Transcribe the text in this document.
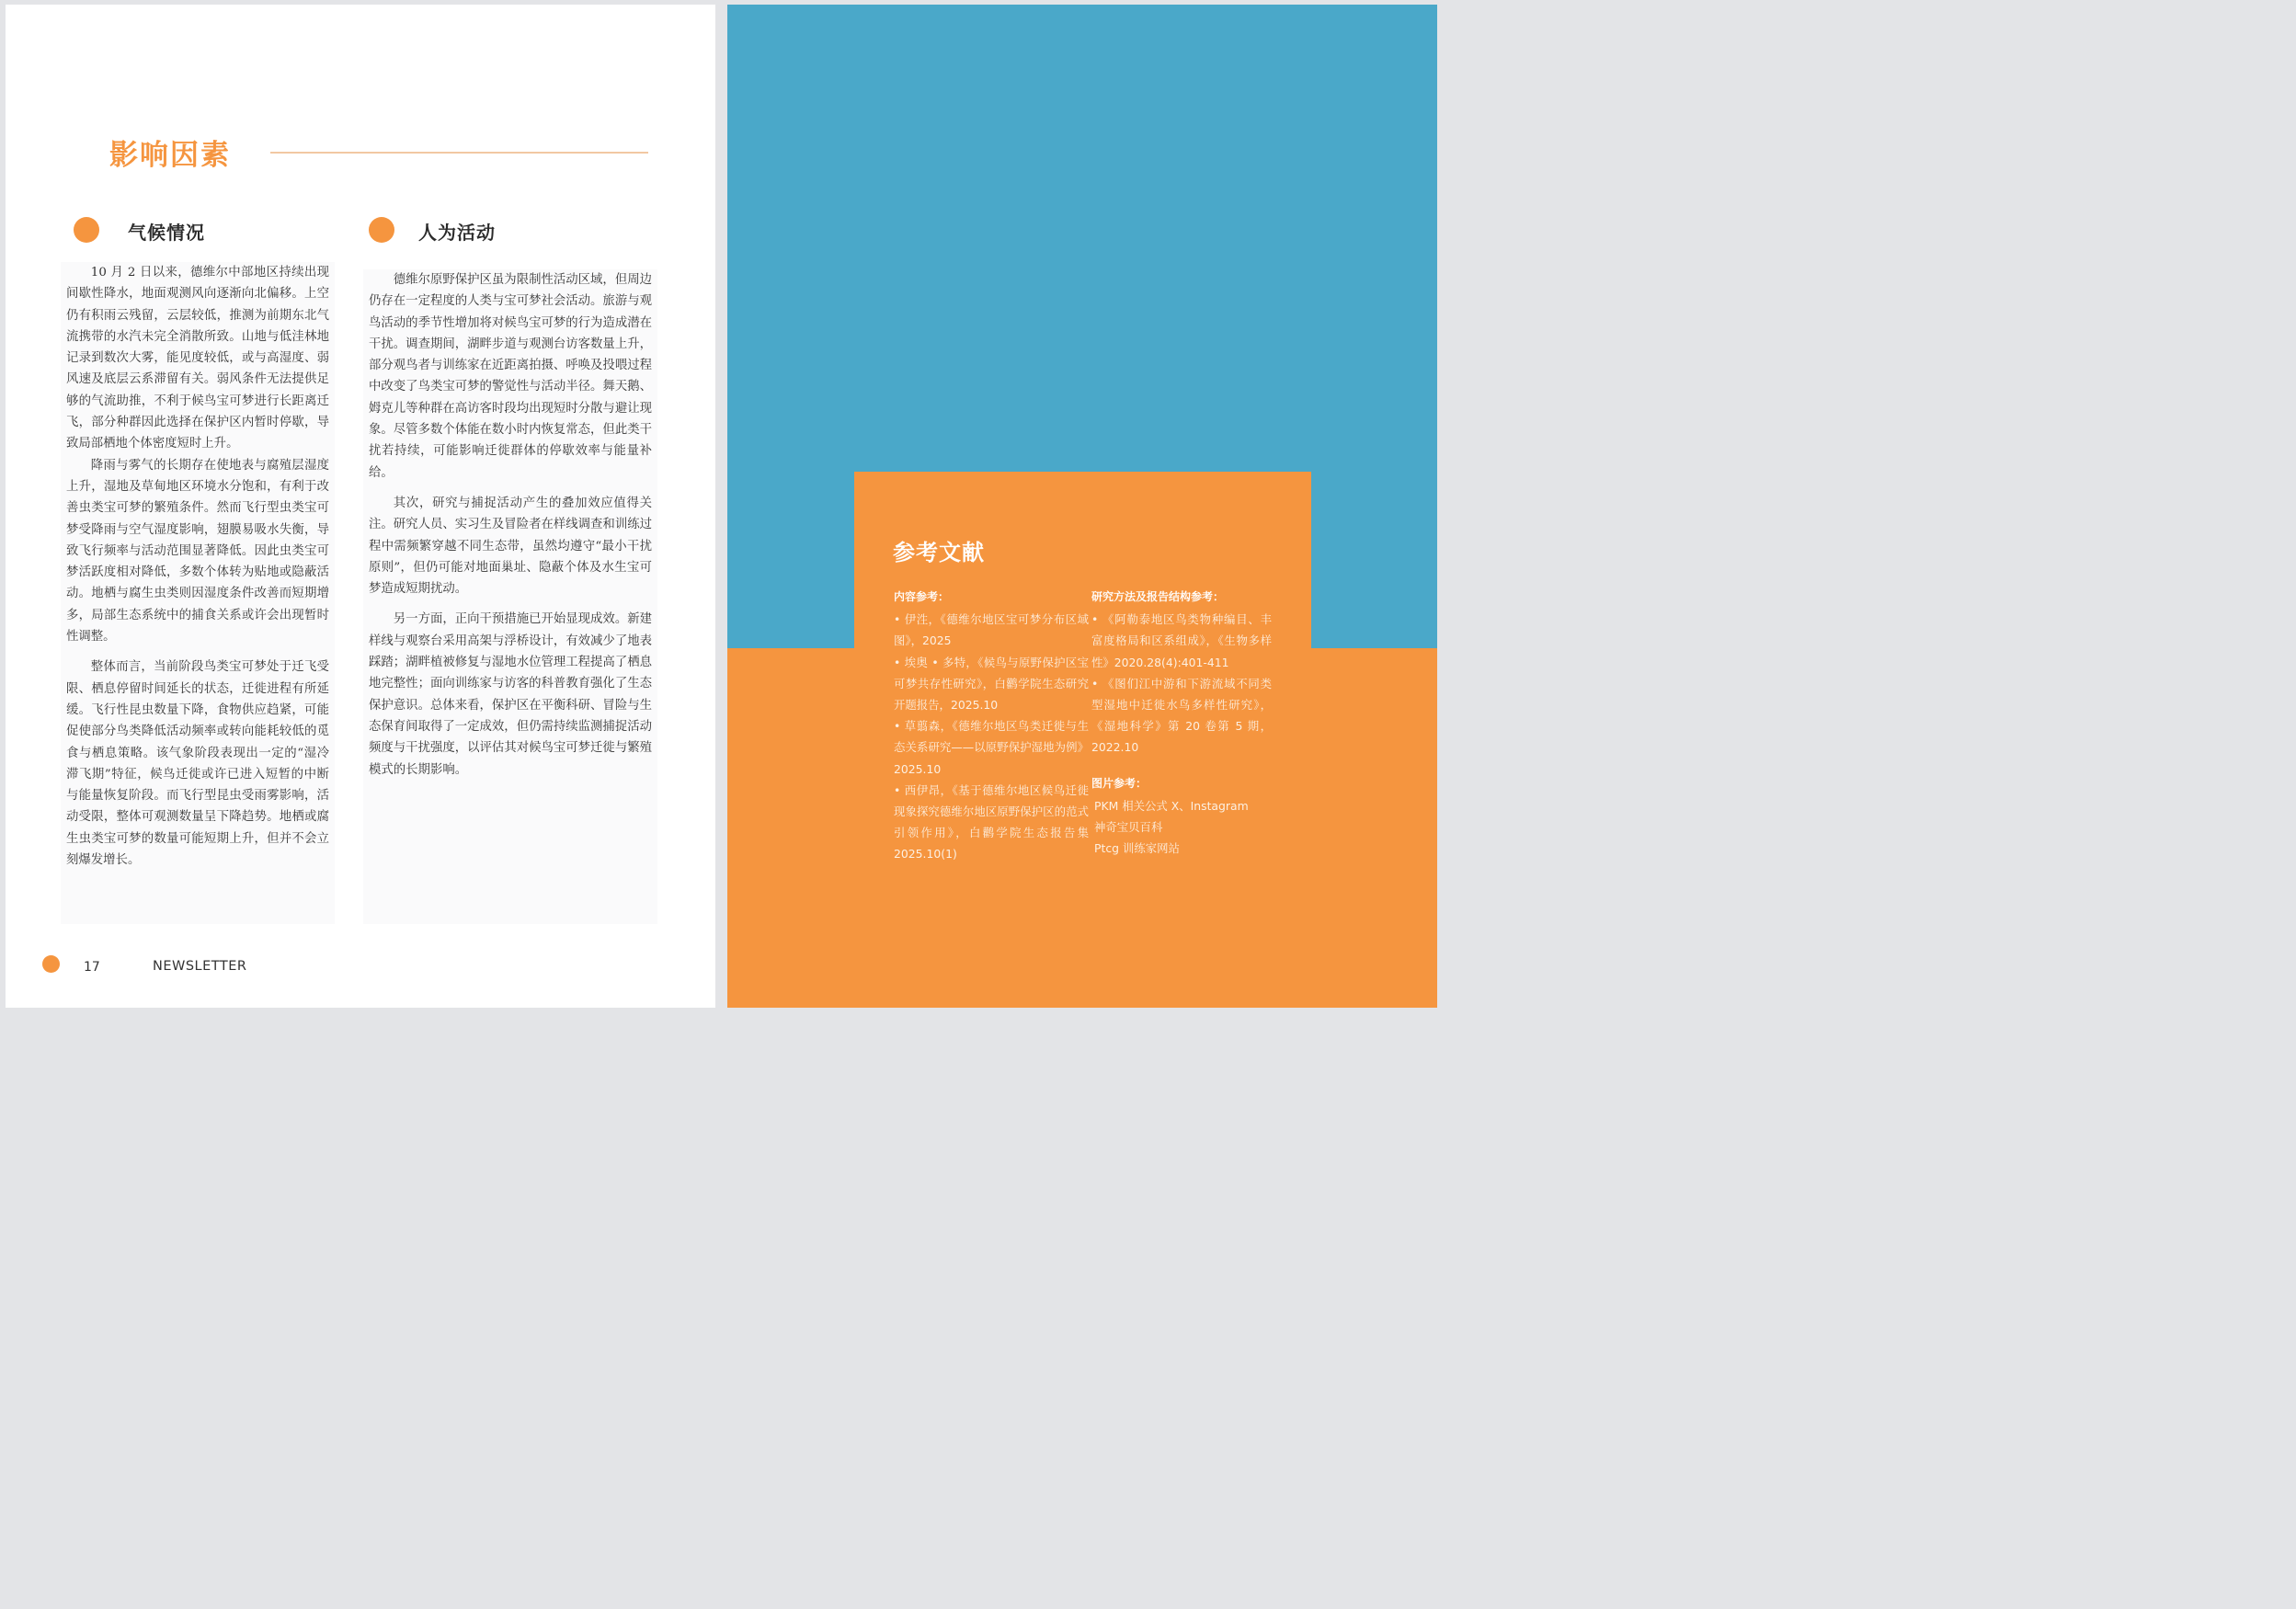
影响因素
气候情况	人为活动

10 月 2 日以来，德维尔中部地区持续出现间歇性降水，地面观测风向逐渐向北偏移。上空仍有积雨云残留，云层较低，推测为前期东北气流携带的水汽未完全消散所致。山地与低洼林地记录到数次大雾，能见度较低，或与高湿度、弱风速及底层云系滞留有关。弱风条件无法提供足够的气流助推，不利于候鸟宝可梦进行长距离迁飞，部分种群因此选择在保护区内暂时停歇，导致局部栖地个体密度短时上升。

降雨与雾气的长期存在使地表与腐殖层湿度上升，湿地及草甸地区环境水分饱和，有利于改善虫类宝可梦的繁殖条件。然而飞行型虫类宝可梦受降雨与空气湿度影响，翅膜易吸水失衡，导致飞行频率与活动范围显著降低。因此虫类宝可梦活跃度相对降低，多数个体转为贴地或隐蔽活动。地栖与腐生虫类则因湿度条件改善而短期增多，局部生态系统中的捕食关系或许会出现暂时性调整。

整体而言，当前阶段鸟类宝可梦处于迁飞受限、栖息停留时间延长的状态，迁徙进程有所延缓。飞行性昆虫数量下降，食物供应趋紧，可能促使部分鸟类降低活动频率或转向能耗较低的觅食与栖息策略。该气象阶段表现出一定的“湿冷滞飞期”特征，候鸟迁徙或许已进入短暂的中断与能量恢复阶段。而飞行型昆虫受雨雾影响，活动受限，整体可观测数量呈下降趋势。地栖或腐生虫类宝可梦的数量可能短期上升，但并不会立刻爆发增长。

德维尔原野保护区虽为限制性活动区域，但周边仍存在一定程度的人类与宝可梦社会活动。旅游与观鸟活动的季节性增加将对候鸟宝可梦的行为造成潜在干扰。调查期间，湖畔步道与观测台访客数量上升，部分观鸟者与训练家在近距离拍摄、呼唤及投喂过程中改变了鸟类宝可梦的警觉性与活动半径。舞天鹅、姆克儿等种群在高访客时段均出现短时分散与避让现象。尽管多数个体能在数小时内恢复常态，但此类干扰若持续，可能影响迁徙群体的停歇效率与能量补给。

其次，研究与捕捉活动产生的叠加效应值得关注。研究人员、实习生及冒险者在样线调查和训练过程中需频繁穿越不同生态带，虽然均遵守“最小干扰原则”，但仍可能对地面巢址、隐蔽个体及水生宝可梦造成短期扰动。

另一方面，正向干预措施已开始显现成效。新建样线与观察台采用高架与浮桥设计，有效减少了地表踩踏；湖畔植被修复与湿地水位管理工程提高了栖息地完整性；面向训练家与访客的科普教育强化了生态保护意识。总体来看，保护区在平衡科研、冒险与生态保育间取得了一定成效，但仍需持续监测捕捉活动频度与干扰强度，以评估其对候鸟宝可梦迁徙与繁殖模式的长期影响。

17	NEWSLETTER
参考文献

内容参考：

• 伊泩，《德维尔地区宝可梦分布区域图》，2025

• 埃奥 • 多特，《候鸟与原野保护区宝可梦共存性研究》，白鹳学院生态研究开题报告，2025.10

• 草翦森，《德维尔地区鸟类迁徙与生态关系研究——以原野保护湿地为例》2025.10

• 西伊昂，《基于德维尔地区候鸟迁徙现象探究德维尔地区原野保护区的范式引领作用》，白鹳学院生态报告集 2025.10(1)

研究方法及报告结构参考：

• 《阿勒泰地区鸟类物种编目、丰富度格局和区系组成》，《生物多样性》2020.28(4):401-411

• 《图们江中游和下游流域不同类型湿地中迁徙水鸟多样性研究》，《湿地科学》第 20 卷第 5 期，2022.10

图片参考：

PKM 相关公式 X、Instagram

神奇宝贝百科

Ptcg 训练家网站
